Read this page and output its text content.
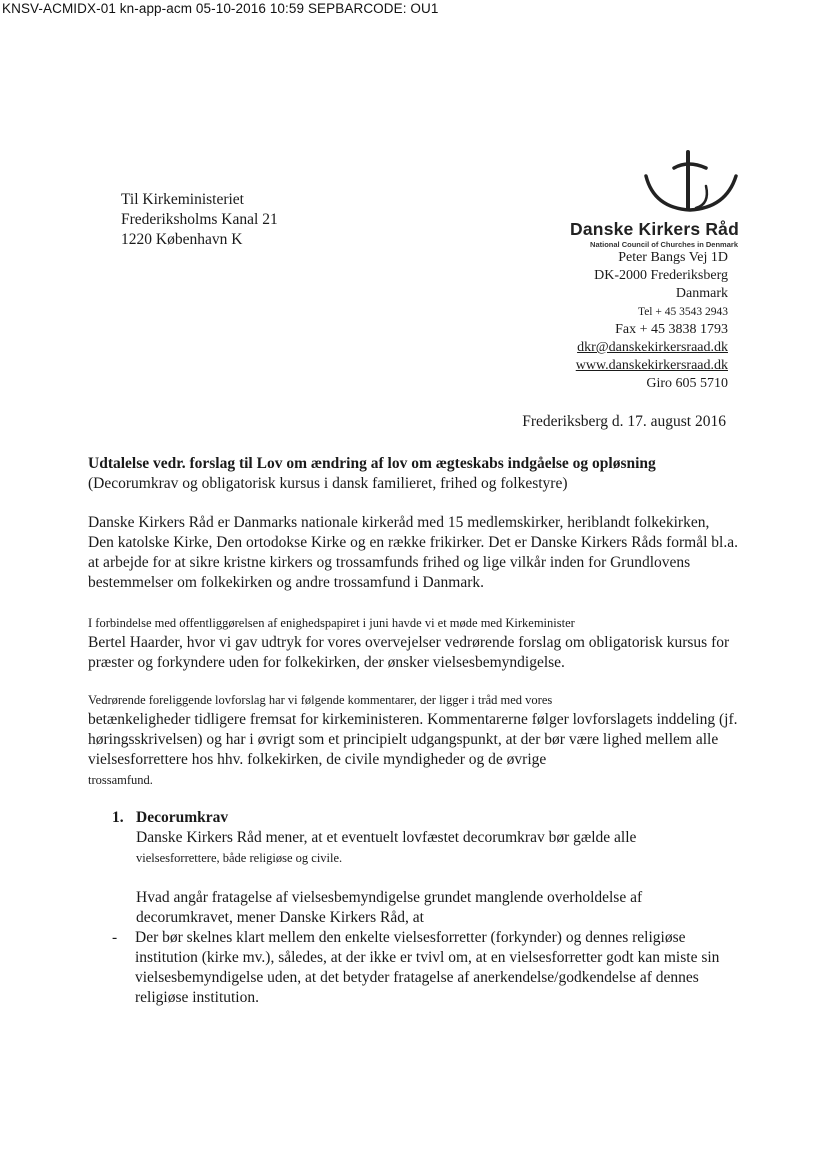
KNSV-ACMIDX-01 kn-app-acm 05-10-2016 10:59 SEPBARCODE: OU1
Til Kirkeministeriet
Frederiksholms Kanal 21
1220 København K
Danske Kirkers Råd
National Council of Churches in Denmark
Peter Bangs Vej 1D
DK-2000 Frederiksberg
Danmark
Tel + 45 3543 2943
Fax + 45 3838 1793
dkr@danskekirkersraad.dk
www.danskekirkersraad.dk
Giro 605 5710
Frederiksberg d. 17. august 2016

Udtalelse vedr. forslag til Lov om ændring af lov om ægteskabs indgåelse og opløsning

(Decorumkrav og obligatorisk kursus i dansk familieret, frihed og folkestyre)

Danske Kirkers Råd er Danmarks nationale kirkeråd med 15 medlemskirker, heriblandt folkekirken, Den katolske Kirke, Den ortodokse Kirke og en række frikirker. Det er Danske Kirkers Råds formål bl.a. at arbejde for at sikre kristne kirkers og trossamfunds frihed og lige vilkår inden for Grundlovens bestemmelser om folkekirken og andre trossamfund i Danmark.

I forbindelse med offentliggørelsen af enighedspapiret i juni havde vi et møde med Kirkeminister

Bertel Haarder, hvor vi gav udtryk for vores overvejelser vedrørende forslag om obligatorisk kursus for præster og forkyndere uden for folkekirken, der ønsker vielsesbemyndigelse.

Vedrørende foreliggende lovforslag har vi følgende kommentarer, der ligger i tråd med vores

betænkeligheder tidligere fremsat for kirkeministeren. Kommentarerne følger lovforslagets inddeling (jf. høringsskrivelsen) og har i øvrigt som et principielt udgangspunkt, at der bør være lighed mellem alle vielsesforrettere hos hhv. folkekirken, de civile myndigheder og de øvrige

trossamfund.

1. Decorumkrav
Danske Kirkers Råd mener, at et eventuelt lovfæstet decorumkrav bør gælde alle
vielsesforrettere, både religiøse og civile.
Hvad angår fratagelse af vielsesbemyndigelse grundet manglende overholdelse af decorumkravet, mener Danske Kirkers Råd, at
-	Der bør skelnes klart mellem den enkelte vielsesforretter (forkynder) og dennes religiøse institution (kirke mv.), således, at der ikke er tvivl om, at en vielsesforretter godt kan miste sin vielsesbemyndigelse uden, at det betyder fratagelse af anerkendelse/godkendelse af dennes religiøse institution.
